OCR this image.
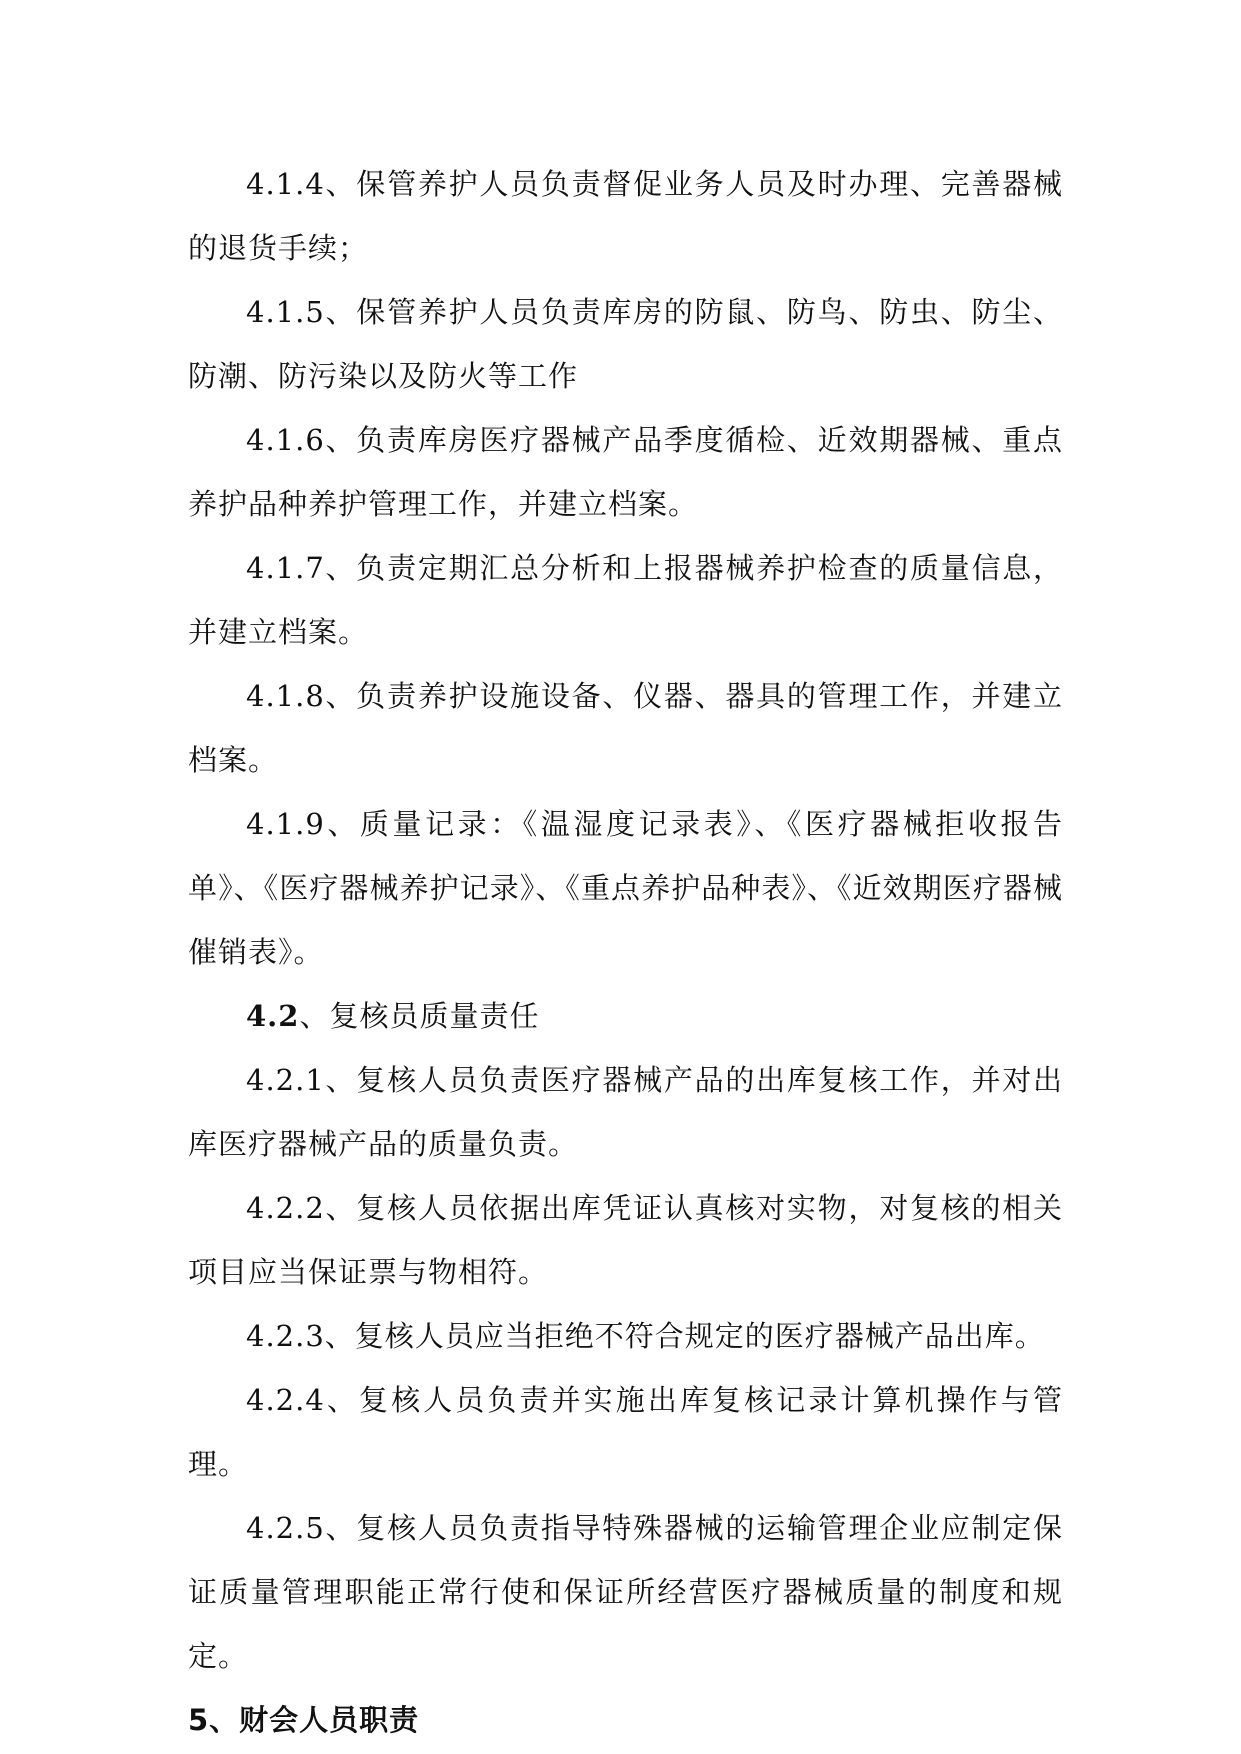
4.1.4、保管养护人员负责督促业务人员及时办理、完善器械的退货手续；

4.1.5、保管养护人员负责库房的防鼠、防鸟、防虫、防尘、防潮、防污染以及防火等工作

4.1.6、负责库房医疗器械产品季度循检、近效期器械、重点养护品种养护管理工作，并建立档案。

4.1.7、负责定期汇总分析和上报器械养护检查的质量信息，并建立档案。

4.1.8、负责养护设施设备、仪器、器具的管理工作，并建立档案。

4.1.9、质量记录：《温湿度记录表》、《医疗器械拒收报告单》、《医疗器械养护记录》、《重点养护品种表》、《近效期医疗器械催销表》。

4.2、复核员质量责任

4.2.1、复核人员负责医疗器械产品的出库复核工作，并对出库医疗器械产品的质量负责。

4.2.2、复核人员依据出库凭证认真核对实物，对复核的相关项目应当保证票与物相符。

4.2.3、复核人员应当拒绝不符合规定的医疗器械产品出库。

4.2.4、复核人员负责并实施出库复核记录计算机操作与管理。

4.2.5、复核人员负责指导特殊器械的运输管理企业应制定保证质量管理职能正常行使和保证所经营医疗器械质量的制度和规定。

5、财会人员职责
